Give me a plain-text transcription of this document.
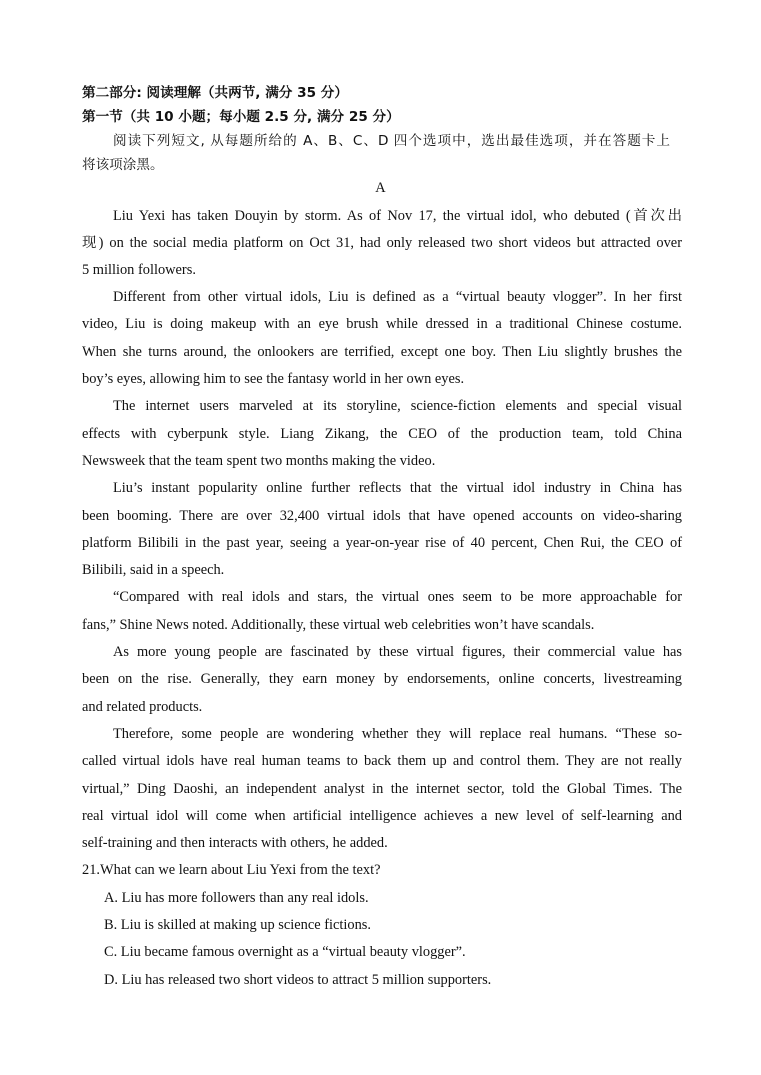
第二部分: 阅读理解（共两节, 满分 35 分）
第一节（共 10 小题；每小题 2.5 分, 满分 25 分）
阅读下列短文, 从每题所给的 A、B、C、D 四个选项中，选出最佳选项，并在答题卡上
将该项涂黑。
A
Liu Yexi has taken Douyin by storm. As of Nov 17, the virtual idol, who debuted (首次出
现) on the social media platform on Oct 31, had only released two short videos but attracted over
5 million followers.
Different from other virtual idols, Liu is defined as a “virtual beauty vlogger”. In her first
video, Liu is doing makeup with an eye brush while dressed in a traditional Chinese costume.
When she turns around, the onlookers are terrified, except one boy. Then Liu slightly brushes the
boy’s eyes, allowing him to see the fantasy world in her own eyes.
The internet users marveled at its storyline, science-fiction elements and special visual
effects with cyberpunk style. Liang Zikang, the CEO of the production team, told China
Newsweek that the team spent two months making the video.
Liu’s instant popularity online further reflects that the virtual idol industry in China has
been booming. There are over 32,400 virtual idols that have opened accounts on video-sharing
platform Bilibili in the past year, seeing a year-on-year rise of 40 percent, Chen Rui, the CEO of
Bilibili, said in a speech.
“Compared with real idols and stars, the virtual ones seem to be more approachable for
fans,” Shine News noted. Additionally, these virtual web celebrities won’t have scandals.
As more young people are fascinated by these virtual figures, their commercial value has
been on the rise. Generally, they earn money by endorsements, online concerts, livestreaming
and related products.
Therefore, some people are wondering whether they will replace real humans. “These so-
called virtual idols have real human teams to back them up and control them. They are not really
virtual,” Ding Daoshi, an independent analyst in the internet sector, told the Global Times. The
real virtual idol will come when artificial intelligence achieves a new level of self-learning and
self-training and then interacts with others, he added.
21.What can we learn about Liu Yexi from the text?
A. Liu has more followers than any real idols.
B. Liu is skilled at making up science fictions.
C. Liu became famous overnight as a “virtual beauty vlogger”.
D. Liu has released two short videos to attract 5 million supporters.
